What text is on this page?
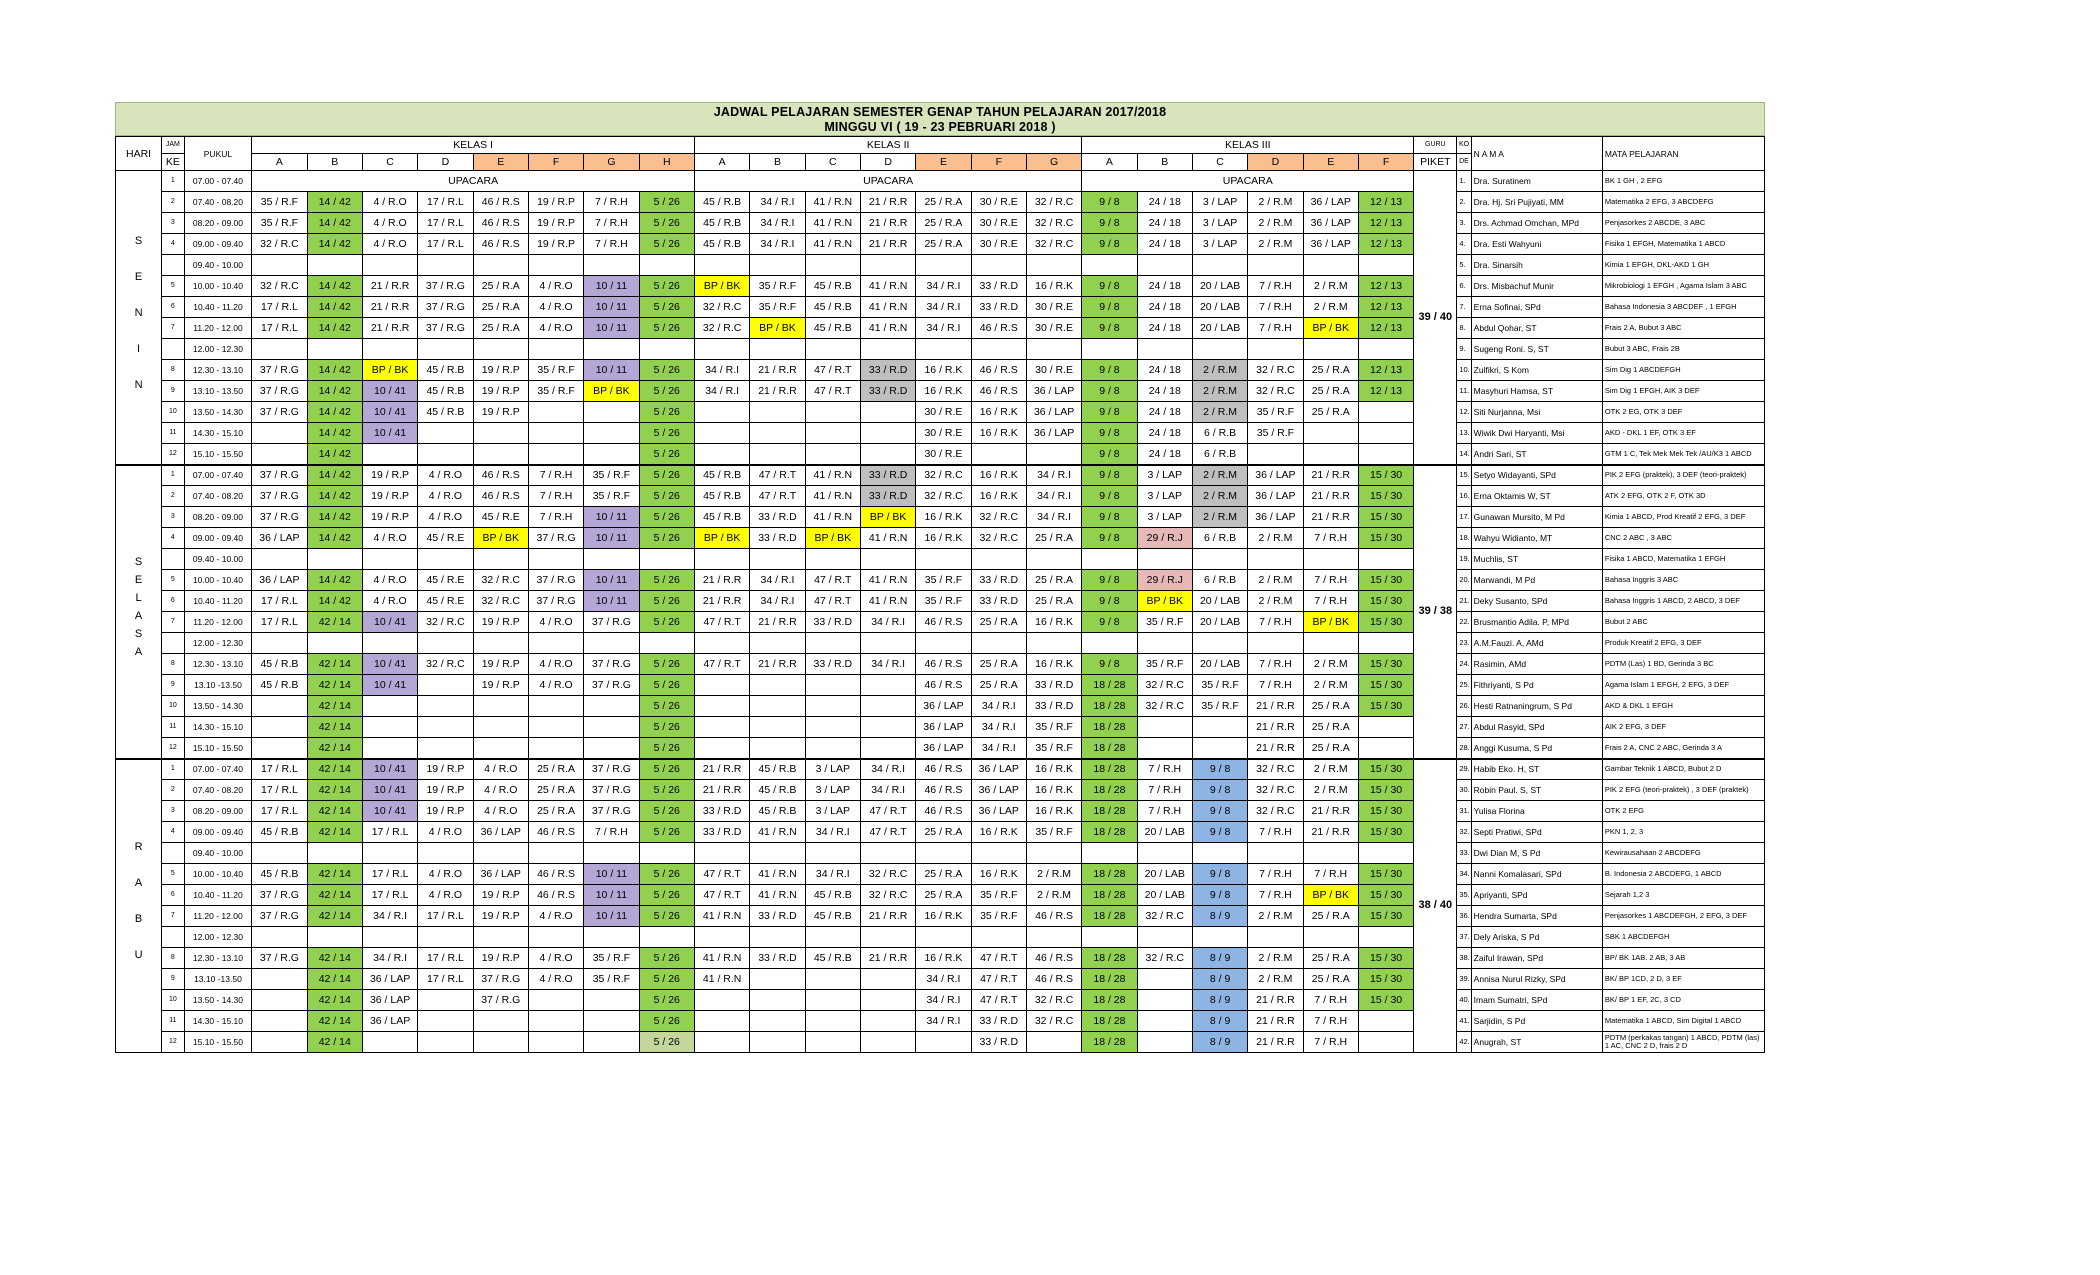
JADWAL PELAJARAN SEMESTER GENAP TAHUN PELAJARAN 2017/2018
MINGGU VI ( 19 - 23 PEBRUARI 2018 )
HARI	JAM	PUKUL	KELAS I								KELAS II							KELAS III						GURU	KO	N A M A	MATA PELAJARAN
	KE		A	B	C	D	E	F	G	H	A	B	C	D	E	F	G	A	B	C	D	E	F	PIKET	DE		
S E N I N	1	07.00 - 07.40	UPACARA								UPACARA							UPACARA						39 / 40	1.	Dra. Suratinem	BK 1 GH , 2 EFG
	2	07.40 - 08.20	35 / R.F	14 / 42	4 / R.O	17 / R.L	46 / R.S	19 / R.P	7 / R.H	5 / 26	45 / R.B	34 / R.I	41 / R.N	21 / R.R	25 / R.A	30 / R.E	32 / R.C	9 / 8	24 / 18	3 / LAP	2 / R.M	36 / LAP	12 / 13		2.	Dra. Hj. Sri Pujiyati, MM	Matematika 2 EFG, 3 ABCDEFG
	3	08.20 - 09.00	35 / R.F	14 / 42	4 / R.O	17 / R.L	46 / R.S	19 / R.P	7 / R.H	5 / 26	45 / R.B	34 / R.I	41 / R.N	21 / R.R	25 / R.A	30 / R.E	32 / R.C	9 / 8	24 / 18	3 / LAP	2 / R.M	36 / LAP	12 / 13		3.	Drs. Achmad Omchan, MPd	Penjasorkes 2 ABCDE, 3 ABC
	4	09.00 - 09.40	32 / R.C	14 / 42	4 / R.O	17 / R.L	46 / R.S	19 / R.P	7 / R.H	5 / 26	45 / R.B	34 / R.I	41 / R.N	21 / R.R	25 / R.A	30 / R.E	32 / R.C	9 / 8	24 / 18	3 / LAP	2 / R.M	36 / LAP	12 / 13		4.	Dra. Esti Wahyuni	Fisika 1 EFGH, Matematika 1 ABCD
		09.40 - 10.00																							5.	Dra. Sinarsih	Kimia 1 EFGH, DKL-AKD 1 GH
	5	10.00 - 10.40	32 / R.C	14 / 42	21 / R.R	37 / R.G	25 / R.A	4 / R.O	10 / 11	5 / 26	BP / BK	35 / R.F	45 / R.B	41 / R.N	34 / R.I	33 / R.D	16 / R.K	9 / 8	24 / 18	20 / LAB	7 / R.H	2 / R.M	12 / 13		6.	Drs. Misbachuf Munir	Mikrobiologi 1 EFGH , Agama Islam 3 ABC
	6	10.40 - 11.20	17 / R.L	14 / 42	21 / R.R	37 / R.G	25 / R.A	4 / R.O	10 / 11	5 / 26	32 / R.C	35 / R.F	45 / R.B	41 / R.N	34 / R.I	33 / R.D	30 / R.E	9 / 8	24 / 18	20 / LAB	7 / R.H	2 / R.M	12 / 13		7.	Erna Sofinai, SPd	Bahasa Indonesia 3 ABCDEF , 1 EFGH
	7	11.20 - 12.00	17 / R.L	14 / 42	21 / R.R	37 / R.G	25 / R.A	4 / R.O	10 / 11	5 / 26	32 / R.C	BP / BK	45 / R.B	41 / R.N	34 / R.I	46 / R.S	30 / R.E	9 / 8	24 / 18	20 / LAB	7 / R.H	BP / BK	12 / 13		8.	Abdul Qohar, ST	Frais 2 A, Bubut 3 ABC
		12.00 - 12.30																							9.	Sugeng Roni. S, ST	Bubut 3 ABC, Frais 2B
	8	12.30 - 13.10	37 / R.G	14 / 42	BP / BK	45 / R.B	19 / R.P	35 / R.F	10 / 11	5 / 26	34 / R.I	21 / R.R	47 / R.T	33 / R.D	16 / R.K	46 / R.S	30 / R.E	9 / 8	24 / 18	2 / R.M	32 / R.C	25 / R.A	12 / 13		10.	Zulfikri, S Kom	Sim Dig 1 ABCDEFGH
	9	13.10 - 13.50	37 / R.G	14 / 42	10 / 41	45 / R.B	19 / R.P	35 / R.F	BP / BK	5 / 26	34 / R.I	21 / R.R	47 / R.T	33 / R.D	16 / R.K	46 / R.S	36 / LAP	9 / 8	24 / 18	2 / R.M	32 / R.C	25 / R.A	12 / 13		11.	Masyhuri Hamsa, ST	Sim Dig 1 EFGH, AIK 3 DEF
	10	13.50 - 14.30	37 / R.G	14 / 42	10 / 41	45 / R.B	19 / R.P			5 / 26					30 / R.E	16 / R.K	36 / LAP	9 / 8	24 / 18	2 / R.M	35 / R.F	25 / R.A			12.	Siti Nurjanna, Msi	OTK 2 EG, OTK 3 DEF
	11	14.30 - 15.10		14 / 42	10 / 41					5 / 26					30 / R.E	16 / R.K	36 / LAP	9 / 8	24 / 18	6 / R.B	35 / R.F				13.	Wiwik Dwi Haryanti, Msi	AKD - DKL 1 EF, OTK 3 EF
	12	15.10 - 15.50		14 / 42						5 / 26					30 / R.E			9 / 8	24 / 18	6 / R.B					14.	Andri Sari, ST	GTM 1 C, Tek Mek Mek Tek /AU/K3 1 ABCD
SELASA	1	07.00 - 07.40	37 / R.G	14 / 42	19 / R.P	4 / R.O	46 / R.S	7 / R.H	35 / R.F	5 / 26	45 / R.B	47 / R.T	41 / R.N	33 / R.D	32 / R.C	16 / R.K	34 / R.I	9 / 8	3 / LAP	2 / R.M	36 / LAP	21 / R.R	15 / 30	39 / 38	15.	Setyo Widayanti, SPd	PIK 2 EFG (praktek), 3 DEF (teori-praktek)
	2	07.40 - 08.20	37 / R.G	14 / 42	19 / R.P	4 / R.O	46 / R.S	7 / R.H	35 / R.F	5 / 26	45 / R.B	47 / R.T	41 / R.N	33 / R.D	32 / R.C	16 / R.K	34 / R.I	9 / 8	3 / LAP	2 / R.M	36 / LAP	21 / R.R	15 / 30		16.	Erna Oktamis W, ST	ATK 2 EFG, OTK 2 F, OTK 3D
	3	08.20 - 09.00	37 / R.G	14 / 42	19 / R.P	4 / R.O	45 / R.E	7 / R.H	10 / 11	5 / 26	45 / R.B	33 / R.D	41 / R.N	BP / BK	16 / R.K	32 / R.C	34 / R.I	9 / 8	3 / LAP	2 / R.M	36 / LAP	21 / R.R	15 / 30		17.	Gunawan Mursito, M Pd	Kimia 1 ABCD, Prod Kreatif 2 EFG, 3 DEF
	4	09.00 - 09.40	36 / LAP	14 / 42	4 / R.O	45 / R.E	BP / BK	37 / R.G	10 / 11	5 / 26	BP / BK	33 / R.D	BP / BK	41 / R.N	16 / R.K	32 / R.C	25 / R.A	9 / 8	29 / R.J	6 / R.B	2 / R.M	7 / R.H	15 / 30		18.	Wahyu Widianto, MT	CNC 2 ABC , 3 ABC
		09.40 - 10.00																							19.	Muchlis, ST	Fisika 1 ABCD, Matematika 1 EFGH
	5	10.00 - 10.40	36 / LAP	14 / 42	4 / R.O	45 / R.E	32 / R.C	37 / R.G	10 / 11	5 / 26	21 / R.R	34 / R.I	47 / R.T	41 / R.N	35 / R.F	33 / R.D	25 / R.A	9 / 8	29 / R.J	6 / R.B	2 / R.M	7 / R.H	15 / 30		20.	Marwandi, M Pd	Bahasa Inggris 3 ABC
	6	10.40 - 11.20	17 / R.L	14 / 42	4 / R.O	45 / R.E	32 / R.C	37 / R.G	10 / 11	5 / 26	21 / R.R	34 / R.I	47 / R.T	41 / R.N	35 / R.F	33 / R.D	25 / R.A	9 / 8	BP / BK	20 / LAB	2 / R.M	7 / R.H	15 / 30		21.	Deky Susanto, SPd	Bahasa Inggris 1 ABCD, 2 ABCD, 3 DEF
	7	11.20 - 12.00	17 / R.L	42 / 14	10 / 41	32 / R.C	19 / R.P	4 / R.O	37 / R.G	5 / 26	47 / R.T	21 / R.R	33 / R.D	34 / R.I	46 / R.S	25 / R.A	16 / R.K	9 / 8	35 / R.F	20 / LAB	7 / R.H	BP / BK	15 / 30		22.	Brusmantio Adila. P, MPd	Bubut 2 ABC
		12.00 - 12.30																							23.	A.M.Fauzi. A, AMd	Produk Kreatif 2 EFG, 3 DEF
	8	12.30 - 13.10	45 / R.B	42 / 14	10 / 41	32 / R.C	19 / R.P	4 / R.O	37 / R.G	5 / 26	47 / R.T	21 / R.R	33 / R.D	34 / R.I	46 / R.S	25 / R.A	16 / R.K	9 / 8	35 / R.F	20 / LAB	7 / R.H	2 / R.M	15 / 30		24.	Rasimin, AMd	PDTM (Las) 1 BD, Gerinda 3 BC
	9	13.10 -13.50	45 / R.B	42 / 14	10 / 41		19 / R.P	4 / R.O	37 / R.G	5 / 26					46 / R.S	25 / R.A	33 / R.D	18 / 28	32 / R.C	35 / R.F	7 / R.H	2 / R.M	15 / 30		25.	Fithriyanti, S Pd	Agama Islam 1 EFGH, 2 EFG, 3 DEF
	10	13.50 - 14.30		42 / 14						5 / 26					36 / LAP	34 / R.I	33 / R.D	18 / 28	32 / R.C	35 / R.F	21 / R.R	25 / R.A	15 / 30		26.	Hesti Ratnaningrum, S Pd	AKD & DKL 1 EFGH
	11	14.30 - 15.10		42 / 14						5 / 26					36 / LAP	34 / R.I	35 / R.F	18 / 28			21 / R.R	25 / R.A			27.	Abdul Rasyid, SPd	AIK 2 EFG, 3 DEF
	12	15.10 - 15.50		42 / 14						5 / 26					36 / LAP	34 / R.I	35 / R.F	18 / 28			21 / R.R	25 / R.A			28.	Anggi Kusuma, S Pd	Frais 2 A, CNC 2 ABC, Gerinda 3 A
R A B U	1	07.00 - 07.40	17 / R.L	42 / 14	10 / 41	19 / R.P	4 / R.O	25 / R.A	37 / R.G	5 / 26	21 / R.R	45 / R.B	3 / LAP	34 / R.I	46 / R.S	36 / LAP	16 / R.K	18 / 28	7 / R.H	9 / 8	32 / R.C	2 / R.M	15 / 30	38 / 40	29.	Habib Eko. H, ST	Gambar Teknik 1 ABCD, Bubut 2 D
	2	07.40 - 08.20	17 / R.L	42 / 14	10 / 41	19 / R.P	4 / R.O	25 / R.A	37 / R.G	5 / 26	21 / R.R	45 / R.B	3 / LAP	34 / R.I	46 / R.S	36 / LAP	16 / R.K	18 / 28	7 / R.H	9 / 8	32 / R.C	2 / R.M	15 / 30		30.	Robin Paul. S, ST	PIK 2 EFG (teori-praktek) , 3 DEF (praktek)
	3	08.20 - 09.00	17 / R.L	42 / 14	10 / 41	19 / R.P	4 / R.O	25 / R.A	37 / R.G	5 / 26	33 / R.D	45 / R.B	3 / LAP	47 / R.T	46 / R.S	36 / LAP	16 / R.K	18 / 28	7 / R.H	9 / 8	32 / R.C	21 / R.R	15 / 30		31.	Yulisa Florina	OTK 2 EFG
	4	09.00 - 09.40	45 / R.B	42 / 14	17 / R.L	4 / R.O	36 / LAP	46 / R.S	7 / R.H	5 / 26	33 / R.D	41 / R.N	34 / R.I	47 / R.T	25 / R.A	16 / R.K	35 / R.F	18 / 28	20 / LAB	9 / 8	7 / R.H	21 / R.R	15 / 30		32.	Septi Pratiwi, SPd	PKN 1, 2, 3
		09.40 - 10.00																							33.	Dwi Dian M, S Pd	Kewirausahaan 2 ABCDEFG
	5	10.00 - 10.40	45 / R.B	42 / 14	17 / R.L	4 / R.O	36 / LAP	46 / R.S	10 / 11	5 / 26	47 / R.T	41 / R.N	34 / R.I	32 / R.C	25 / R.A	16 / R.K	2 / R.M	18 / 28	20 / LAB	9 / 8	7 / R.H	7 / R.H	15 / 30		34.	Nanni Komalasari, SPd	B. Indonesia 2 ABCDEFG, 1 ABCD
	6	10.40 - 11.20	37 / R.G	42 / 14	17 / R.L	4 / R.O	19 / R.P	46 / R.S	10 / 11	5 / 26	47 / R.T	41 / R.N	45 / R.B	32 / R.C	25 / R.A	35 / R.F	2 / R.M	18 / 28	20 / LAB	9 / 8	7 / R.H	BP / BK	15 / 30		35.	Apriyanti, SPd	Sejarah 1,2 3
	7	11.20 - 12.00	37 / R.G	42 / 14	34 / R.I	17 / R.L	19 / R.P	4 / R.O	10 / 11	5 / 26	41 / R.N	33 / R.D	45 / R.B	21 / R.R	16 / R.K	35 / R.F	46 / R.S	18 / 28	32 / R.C	8 / 9	2 / R.M	25 / R.A	15 / 30		36.	Hendra Sumarta, SPd	Penjasorkes 1 ABCDEFGH, 2 EFG, 3 DEF
		12.00 - 12.30																							37.	Dely Ariska, S Pd	SBK 1 ABCDEFGH
	8	12.30 - 13.10	37 / R.G	42 / 14	34 / R.I	17 / R.L	19 / R.P	4 / R.O	35 / R.F	5 / 26	41 / R.N	33 / R.D	45 / R.B	21 / R.R	16 / R.K	47 / R.T	46 / R.S	18 / 28	32 / R.C	8 / 9	2 / R.M	25 / R.A	15 / 30		38.	Zaiful Irawan, SPd	BP/ BK 1AB. 2 AB, 3 AB
	9	13.10 -13.50		42 / 14	36 / LAP	17 / R.L	37 / R.G	4 / R.O	35 / R.F	5 / 26	41 / R.N				34 / R.I	47 / R.T	46 / R.S	18 / 28		8 / 9	2 / R.M	25 / R.A	15 / 30		39.	Annisa Nurul Rizky, SPd	BK/ BP 1CD, 2 D, 3 EF
	10	13.50 - 14.30		42 / 14	36 / LAP		37 / R.G			5 / 26					34 / R.I	47 / R.T	32 / R.C	18 / 28		8 / 9	21 / R.R	7 / R.H	15 / 30		40.	Imam Sumatri, SPd	BK/ BP 1 EF, 2C, 3 CD
	11	14.30 - 15.10		42 / 14	36 / LAP					5 / 26					34 / R.I	33 / R.D	32 / R.C	18 / 28		8 / 9	21 / R.R	7 / R.H			41.	Sarjidin, S Pd	Matematika 1 ABCD, Sim Digital 1 ABCD
	12	15.10 - 15.50		42 / 14						5 / 26						33 / R.D		18 / 28		8 / 9	21 / R.R	7 / R.H			42.	Anugrah, ST	PDTM (perkakas tangan) 1 ABCD, PDTM (las) 1 AC, CNC 2 D, frais 2 D
